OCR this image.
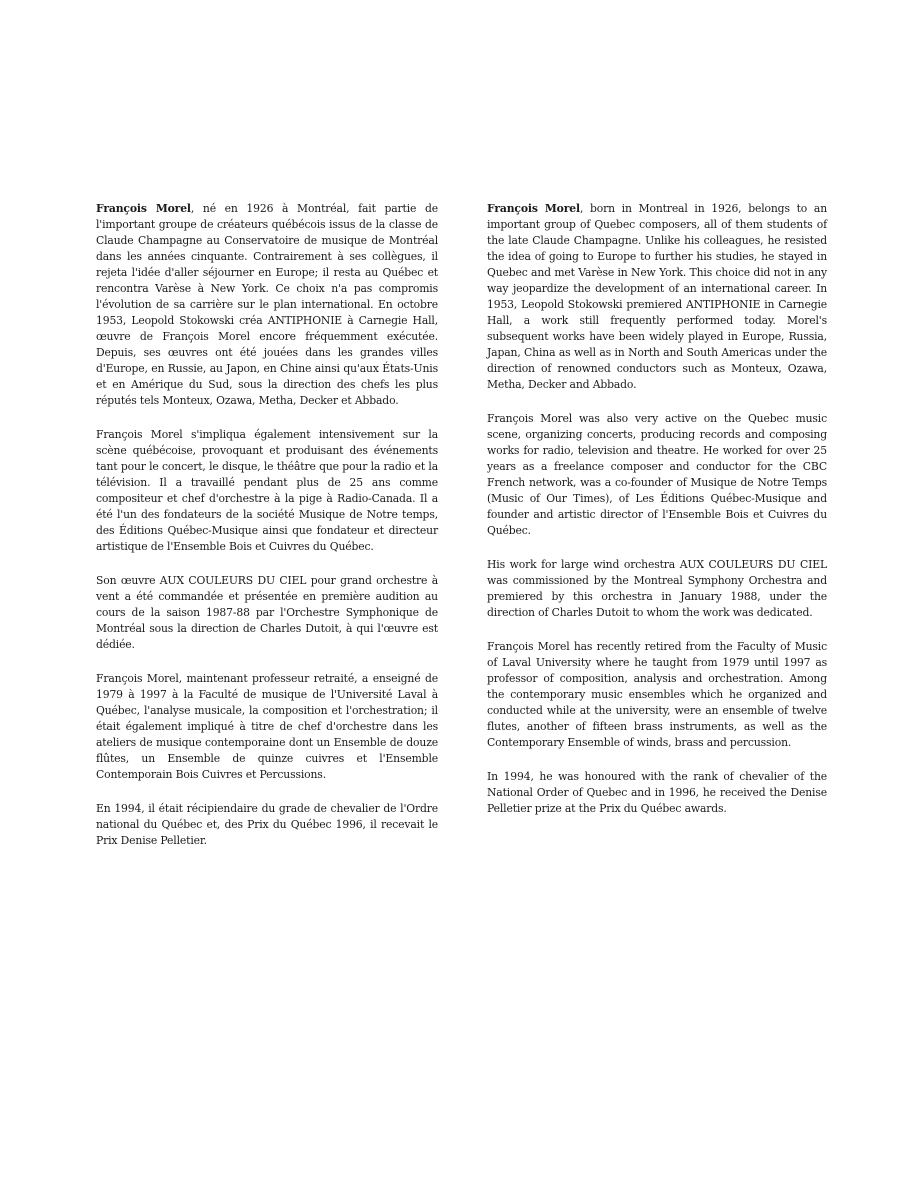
François Morel, né en 1926 à Montréal, fait partie de l'important groupe de créateurs québécois issus de la classe de Claude Champagne au Conservatoire de musique de Montréal dans les années cinquante. Contrairement à ses collègues, il rejeta l'idée d'aller séjourner en Europe; il resta au Québec et rencontra Varèse à New York. Ce choix n'a pas compromis l'évolution de sa carrière sur le plan international. En octobre 1953, Leopold Stokowski créa ANTIPHONIE à Carnegie Hall, œuvre de François Morel encore fréquemment exécutée. Depuis, ses œuvres ont été jouées dans les grandes villes d'Europe, en Russie, au Japon, en Chine ainsi qu'aux États-Unis et en Amérique du Sud, sous la direction des chefs les plus réputés tels Monteux, Ozawa, Metha, Decker et Abbado.

François Morel s'impliqua également intensivement sur la scène québécoise, provoquant et produisant des événements tant pour le concert, le disque, le théâtre que pour la radio et la télévision. Il a travaillé pendant plus de 25 ans comme compositeur et chef d'orchestre à la pige à Radio-Canada. Il a été l'un des fondateurs de la société Musique de Notre temps, des Éditions Québec-Musique ainsi que fondateur et directeur artistique de l'Ensemble Bois et Cuivres du Québec.

Son œuvre AUX COULEURS DU CIEL pour grand orchestre à vent a été commandée et présentée en première audition au cours de la saison 1987-88 par l'Orchestre Symphonique de Montréal sous la direction de Charles Dutoit, à qui l'œuvre est dédiée.

François Morel, maintenant professeur retraité, a enseigné de 1979 à 1997 à la Faculté de musique de l'Université Laval à Québec, l'analyse musicale, la composition et l'orchestration; il était également impliqué à titre de chef d'orchestre dans les ateliers de musique contemporaine dont un Ensemble de douze flûtes, un Ensemble de quinze cuivres et l'Ensemble Contemporain Bois Cuivres et Percussions.

En 1994, il était récipiendaire du grade de chevalier de l'Ordre national du Québec et, des Prix du Québec 1996, il recevait le Prix Denise Pelletier.

François Morel, born in Montreal in 1926, belongs to an important group of Quebec composers, all of them students of the late Claude Champagne. Unlike his colleagues, he resisted the idea of going to Europe to further his studies, he stayed in Quebec and met Varèse in New York. This choice did not in any way jeopardize the development of an international career. In 1953, Leopold Stokowski premiered ANTIPHONIE in Carnegie Hall, a work still frequently performed today. Morel's subsequent works have been widely played in Europe, Russia, Japan, China as well as in North and South Americas under the direction of renowned conductors such as Monteux, Ozawa, Metha, Decker and Abbado.

François Morel was also very active on the Quebec music scene, organizing concerts, producing records and composing works for radio, television and theatre. He worked for over 25 years as a freelance composer and conductor for the CBC French network, was a co-founder of Musique de Notre Temps (Music of Our Times), of Les Éditions Québec-Musique and founder and artistic director of l'Ensemble Bois et Cuivres du Québec.

His work for large wind orchestra AUX COULEURS DU CIEL was commissioned by the Montreal Symphony Orchestra and premiered by this orchestra in January 1988, under the direction of Charles Dutoit to whom the work was dedicated.

François Morel has recently retired from the Faculty of Music of Laval University where he taught from 1979 until 1997 as professor of composition, analysis and orchestration. Among the contemporary music ensembles which he organized and conducted while at the university, were an ensemble of twelve flutes, another of fifteen brass instruments, as well as the Contemporary Ensemble of winds, brass and percussion.

In 1994, he was honoured with the rank of chevalier of the National Order of Quebec and in 1996, he received the Denise Pelletier prize at the Prix du Québec awards.
